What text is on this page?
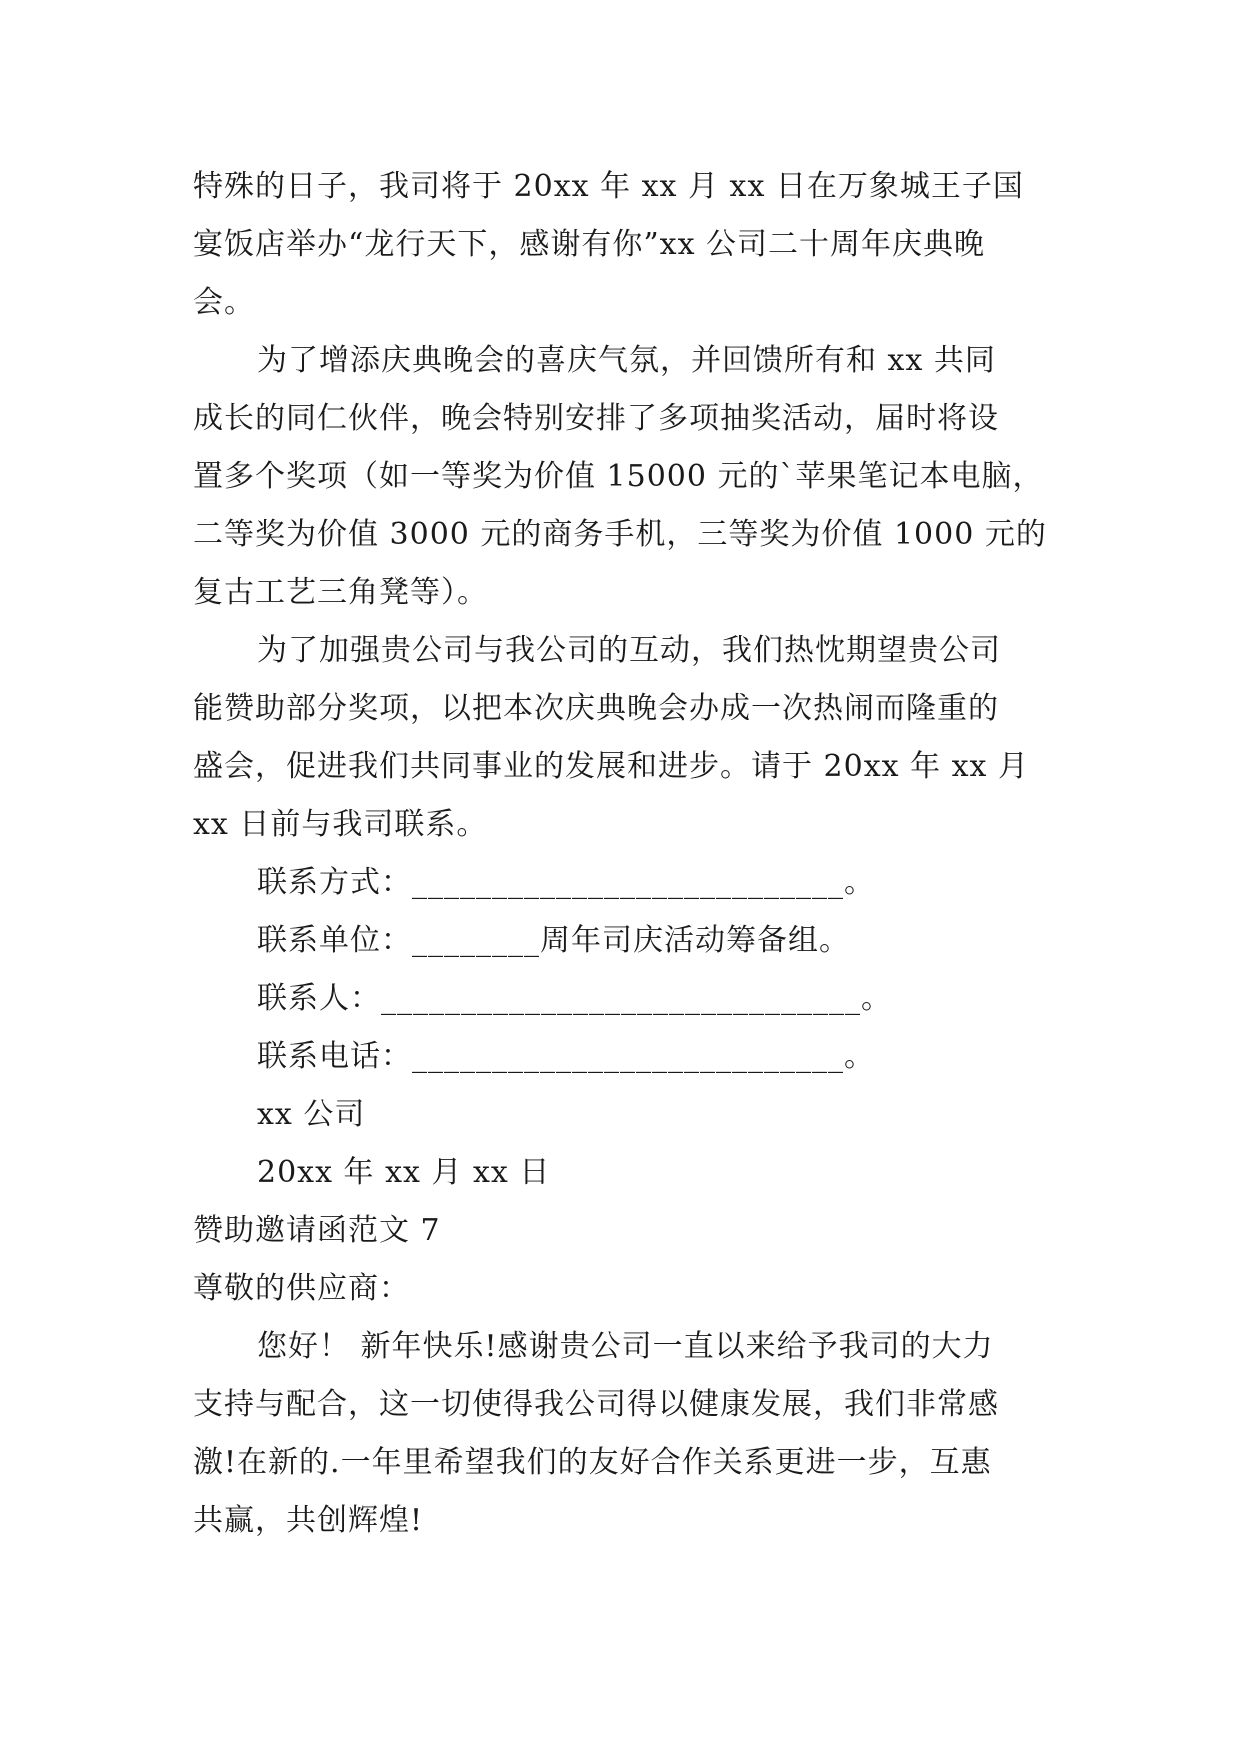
特殊的日子，我司将于 20xx 年 xx 月 xx 日在万象城王子国
宴饭店举办“龙行天下，感谢有你”xx 公司二十周年庆典晚
会。
为了增添庆典晚会的喜庆气氛，并回馈所有和 xx 共同
成长的同仁伙伴，晚会特别安排了多项抽奖活动，届时将设
置多个奖项（如一等奖为价值 15000 元的`苹果笔记本电脑，
二等奖为价值 3000 元的商务手机，三等奖为价值 1000 元的
复古工艺三角凳等）。
为了加强贵公司与我公司的互动，我们热忱期望贵公司
能赞助部分奖项，以把本次庆典晚会办成一次热闹而隆重的
盛会，促进我们共同事业的发展和进步。请于 20xx 年 xx 月
xx 日前与我司联系。
联系方式：___________________________。
联系单位：________周年司庆活动筹备组。
联系人：______________________________。
联系电话：___________________________。
xx 公司
20xx 年 xx 月 xx 日
赞助邀请函范文 7
尊敬的供应商：
您好！ 新年快乐!感谢贵公司一直以来给予我司的大力
支持与配合，这一切使得我公司得以健康发展，我们非常感
激!在新的.一年里希望我们的友好合作关系更进一步，互惠
共赢，共创辉煌!
